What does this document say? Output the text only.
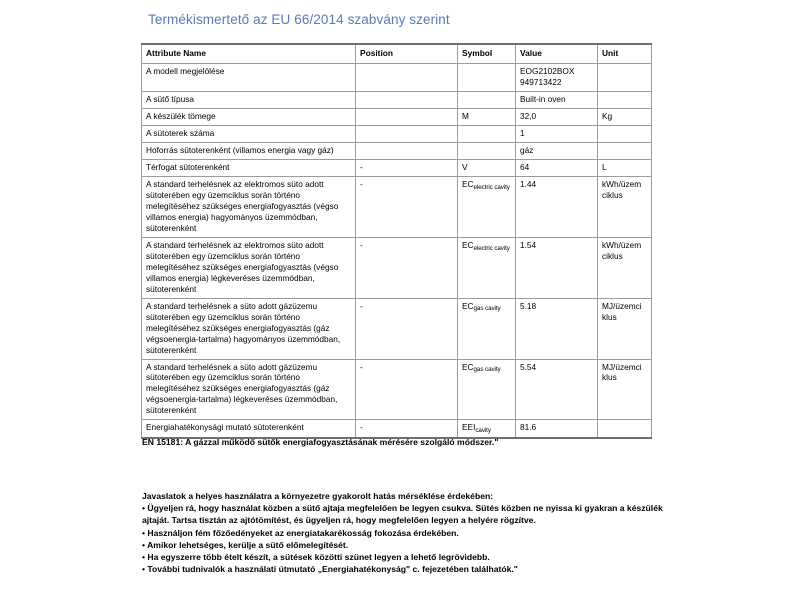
Termékismertető az EU 66/2014 szabvány szerint
Attribute Name	Position	Symbol	Value	Unit
A modell megjelölése			EOG2102BOX 949713422	
A sütő típusa			Built-in oven	
A készülék tömege		M	32,0	Kg
A sütoterek száma			1	
Hoforrás sütoterenként (villamos energia vagy gáz)			gáz	
Térfogat sütoterenként	-	V	64	L
A standard terhelésnek az elektromos süto adott sütoterében egy üzemciklus során történo melegítéséhez szükséges energiafogyasztás (végso villamos energia) hagyományos üzemmódban, sütoterenként	-	$EC_{electric cavity}$	1.44	kWh/üzem ciklus
A standard terhelésnek az elektromos süto adott sütoterében egy üzemciklus során történo melegítéséhez szükséges energiafogyasztás (végso villamos energia) légkeveréses üzemmódban, sütoterenként	-	$EC_{electric cavity}$	1.54	kWh/üzem ciklus
A standard terhelésnek a süto adott gázüzemu sütoterében egy üzemciklus során történo melegítéséhez szükséges energiafogyasztás (gáz végsoenergia-tartalma) hagyományos üzemmódban, sütoterenként	-	$EC_{gas cavity}$	5.18	MJ/üzemci klus
A standard terhelésnek a süto adott gázüzemu sütoterében egy üzemciklus során történo melegítéséhez szükséges energiafogyasztás (gáz végsoenergia-tartalma) légkeveréses üzemmódban, sütoterenként	-	$EC_{gas cavity}$	5.54	MJ/üzemci klus
Energiahatékonysági mutató sütoterenként	-	$EEI_{cavity}$	81.6	
EN 15181: A gázzal működő sütők energiafogyasztásának mérésére szolgáló módszer."
Javaslatok a helyes használatra a környezetre gyakorolt hatás mérséklése érdekében:
• Ügyeljen rá, hogy használat közben a sütő ajtaja megfelelően be legyen csukva. Sütés közben ne nyissa ki gyakran a készülék ajtaját. Tartsa tisztán az ajtótömítést, és ügyeljen rá, hogy megfelelően legyen a helyére rögzítve.
• Használjon fém főzőedényeket az energiatakarékosság fokozása érdekében.
• Amikor lehetséges, kerülje a sütő előmelegítését.
• Ha egyszerre több ételt készít, a sütések közötti szünet legyen a lehető legrövidebb.
• További tudnivalók a használati útmutató „Energiahatékonyság" c. fejezetében találhatók."
